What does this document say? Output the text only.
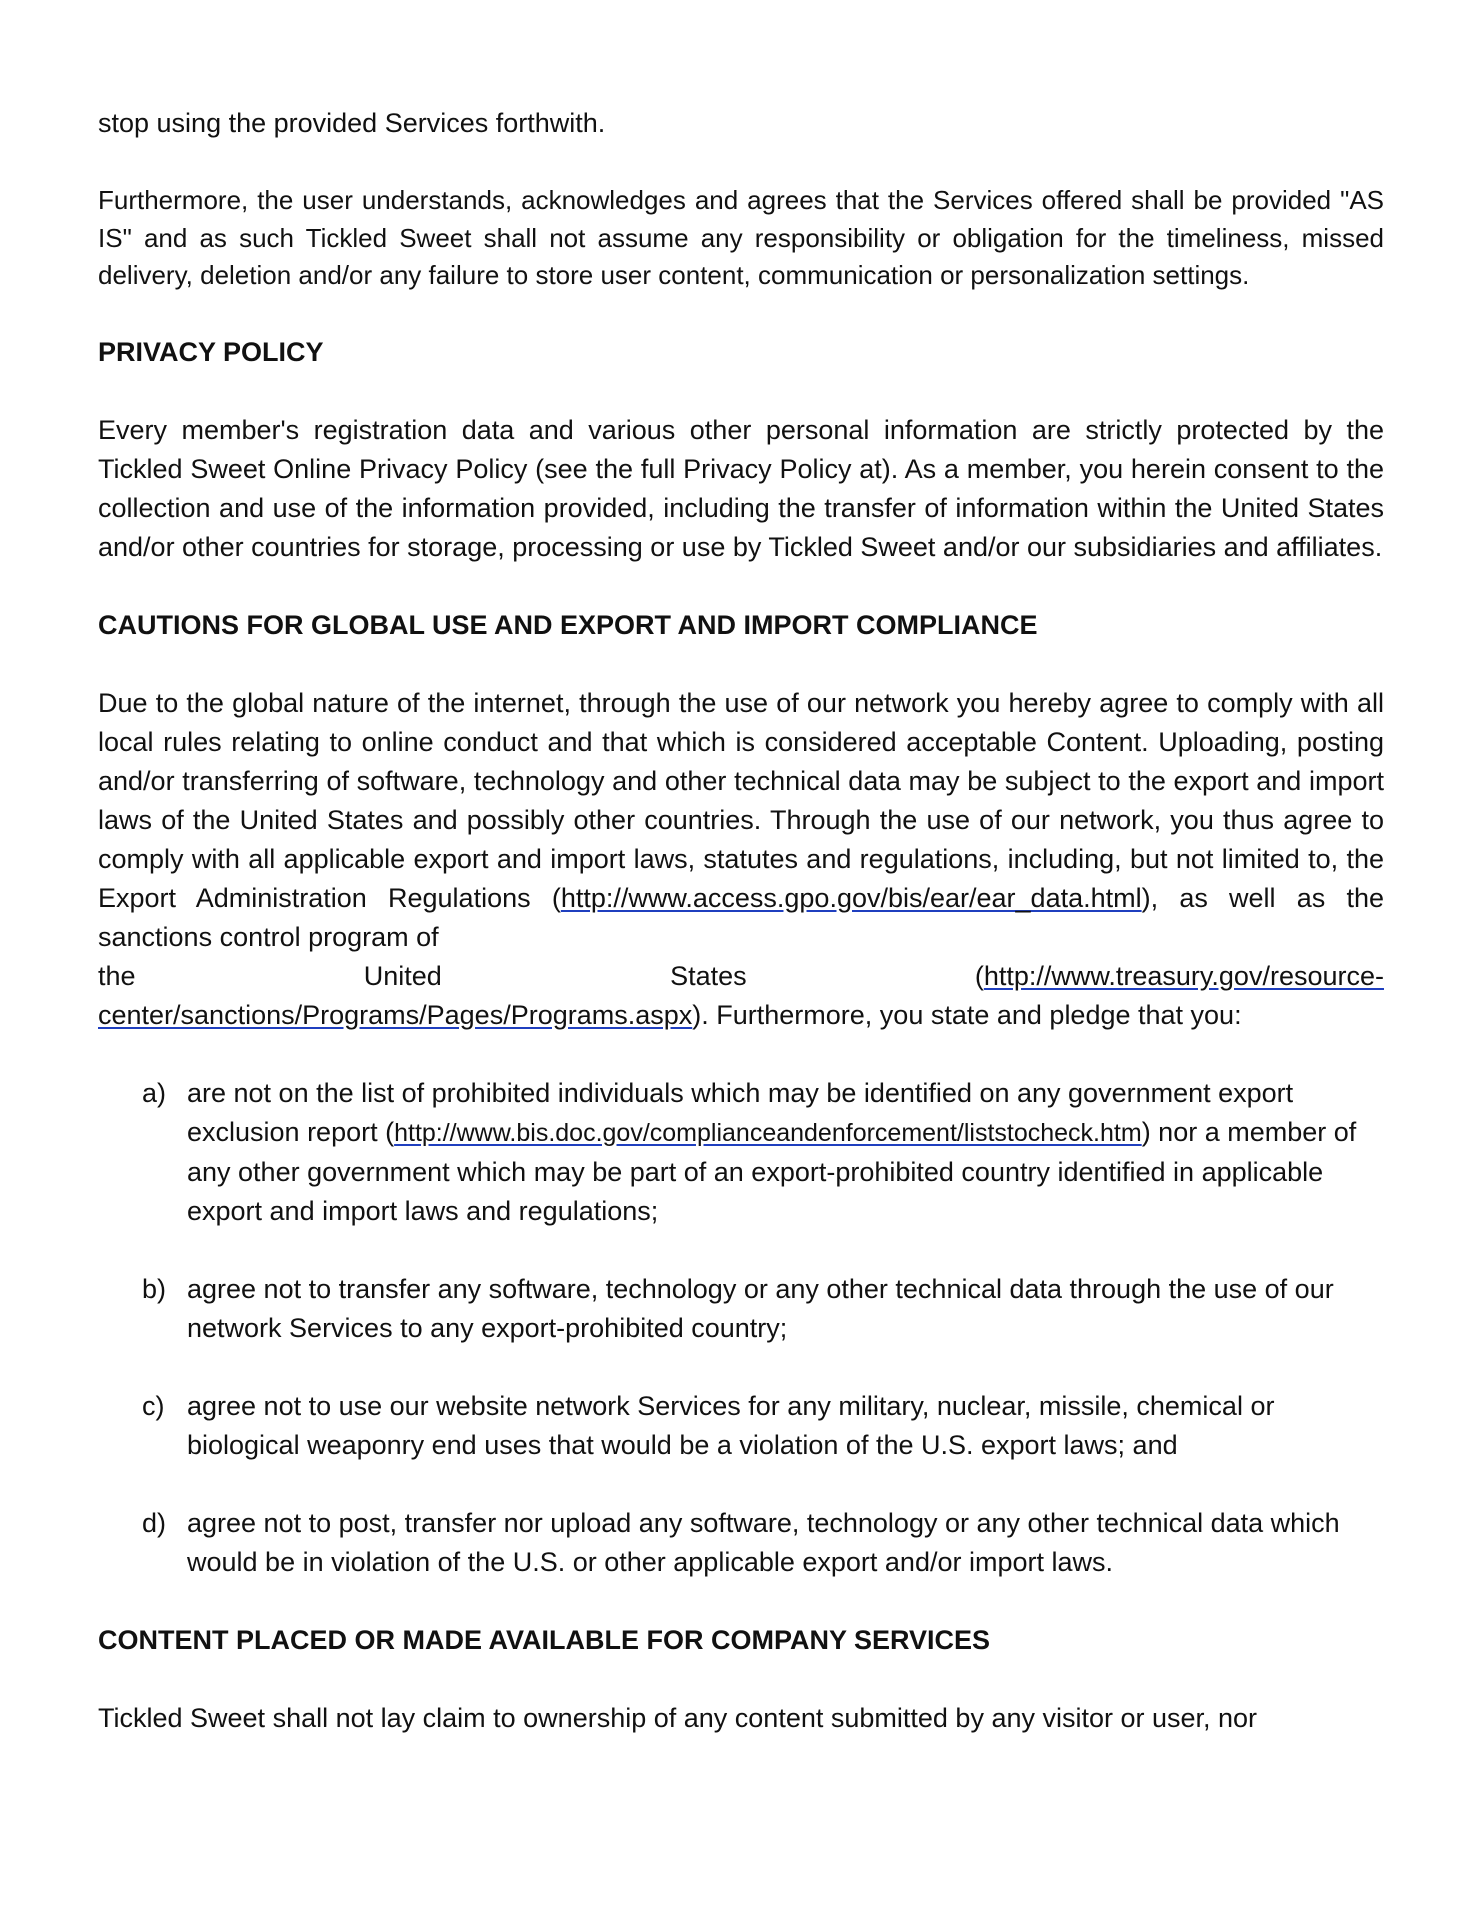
stop using the provided Services forthwith.

Furthermore, the user understands, acknowledges and agrees that the Services offered shall be provided "AS IS" and as such Tickled Sweet shall not assume any responsibility or obligation for the timeliness, missed delivery, deletion and/or any failure to store user content, communication or personalization settings.

PRIVACY POLICY

Every member's registration data and various other personal information are strictly protected by the Tickled Sweet Online Privacy Policy (see the full Privacy Policy at). As a member, you herein consent to the collection and use of the information provided, including the transfer of information within the United States and/or other countries for storage, processing or use by Tickled Sweet and/or our subsidiaries and affiliates.

CAUTIONS FOR GLOBAL USE AND EXPORT AND IMPORT COMPLIANCE

Due to the global nature of the internet, through the use of our network you hereby agree to comply with all local rules relating to online conduct and that which is considered acceptable Content. Uploading, posting and/or transferring of software, technology and other technical data may be subject to the export and import laws of the United States and possibly other countries. Through the use of our network, you thus agree to comply with all applicable export and import laws, statutes and regulations, including, but not limited to, the Export Administration Regulations (http://www.access.gpo.gov/bis/ear/ear_data.html), as well as the sanctions control program of

the	United	States	(http://www.treasury.gov/resource-

center/sanctions/Programs/Pages/Programs.aspx). Furthermore, you state and pledge that you:

a) are not on the list of prohibited individuals which may be identified on any government export exclusion report (http://www.bis.doc.gov/complianceandenforcement/liststocheck.htm) nor a member of any other government which may be part of an export-prohibited country identified in applicable export and import laws and regulations;
b) agree not to transfer any software, technology or any other technical data through the use of our network Services to any export-prohibited country;
c) agree not to use our website network Services for any military, nuclear, missile, chemical or biological weaponry end uses that would be a violation of the U.S. export laws; and
d) agree not to post, transfer nor upload any software, technology or any other technical data which would be in violation of the U.S. or other applicable export and/or import laws.
CONTENT PLACED OR MADE AVAILABLE FOR COMPANY SERVICES

Tickled Sweet shall not lay claim to ownership of any content submitted by any visitor or user, nor
